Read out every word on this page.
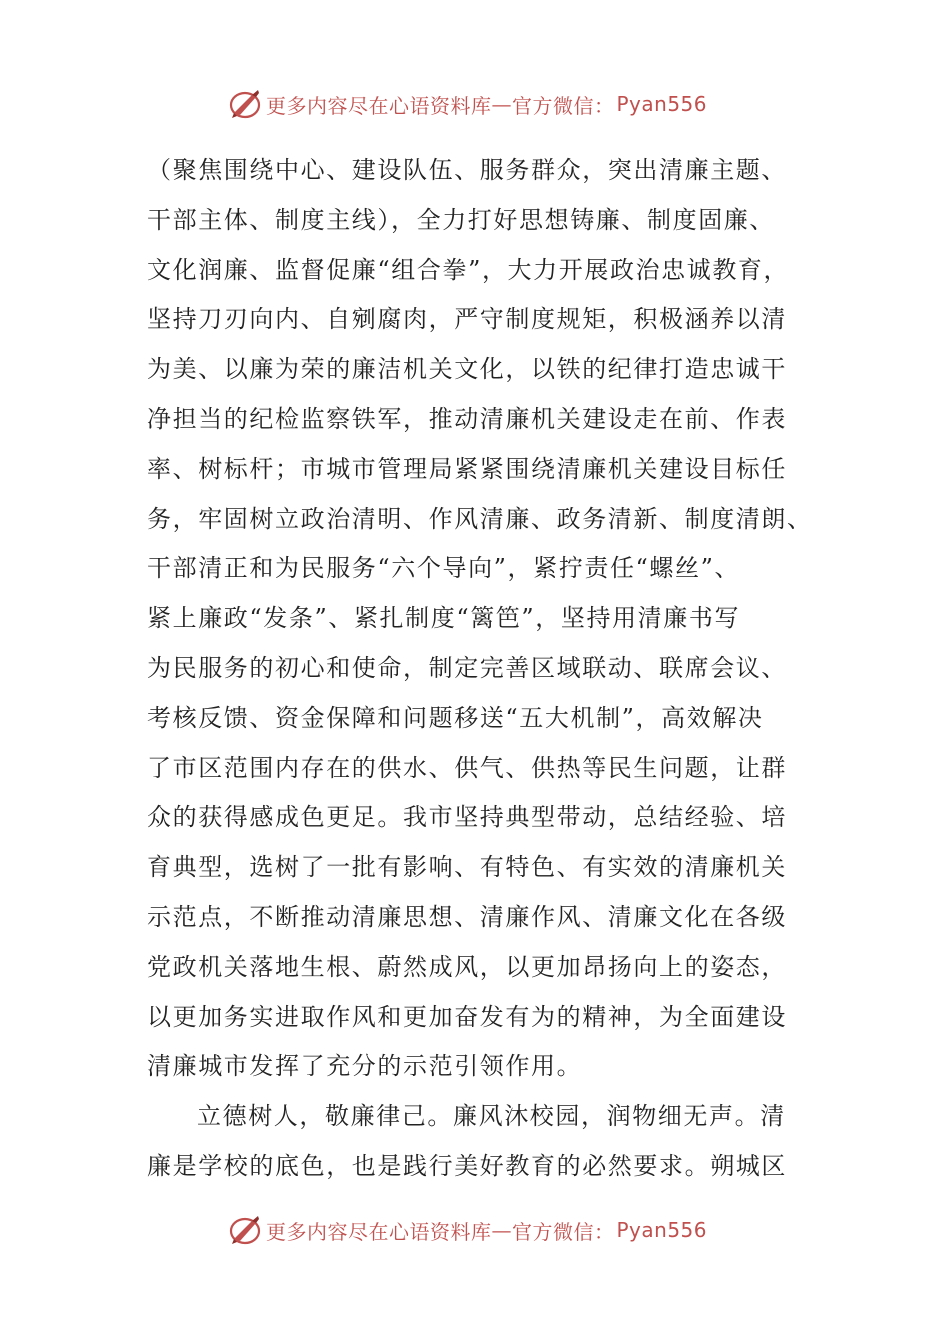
更多内容尽在心语资料库 — 官方微信： Pyan556
（聚焦围绕中心、建设队伍、服务群众，突出清廉主题、
干部主体、制度主线），全力打好思想铸廉、制度固廉、
文化润廉、监督促廉“组合拳”，大力开展政治忠诚教育，
坚持刀刃向内、自剜腐肉，严守制度规矩，积极涵养以清
为美、以廉为荣的廉洁机关文化，以铁的纪律打造忠诚干
净担当的纪检监察铁军，推动清廉机关建设走在前、作表
率、树标杆；市城市管理局紧紧围绕清廉机关建设目标任
务，牢固树立政治清明、作风清廉、政务清新、制度清朗、
干部清正和为民服务“六个导向”，紧拧责任“螺丝”、
紧上廉政“发条”、紧扎制度“篱笆”，坚持用清廉书写
为民服务的初心和使命，制定完善区域联动、联席会议、
考核反馈、资金保障和问题移送“五大机制”，高效解决
了市区范围内存在的供水、供气、供热等民生问题，让群
众的获得感成色更足。我市坚持典型带动，总结经验、培
育典型，选树了一批有影响、有特色、有实效的清廉机关
示范点，不断推动清廉思想、清廉作风、清廉文化在各级
党政机关落地生根、蔚然成风，以更加昂扬向上的姿态，
以更加务实进取作风和更加奋发有为的精神，为全面建设
清廉城市发挥了充分的示范引领作用。
立德树人，敬廉律己。廉风沐校园，润物细无声。清
廉是学校的底色，也是践行美好教育的必然要求。朔城区
更多内容尽在心语资料库 — 官方微信： Pyan556
